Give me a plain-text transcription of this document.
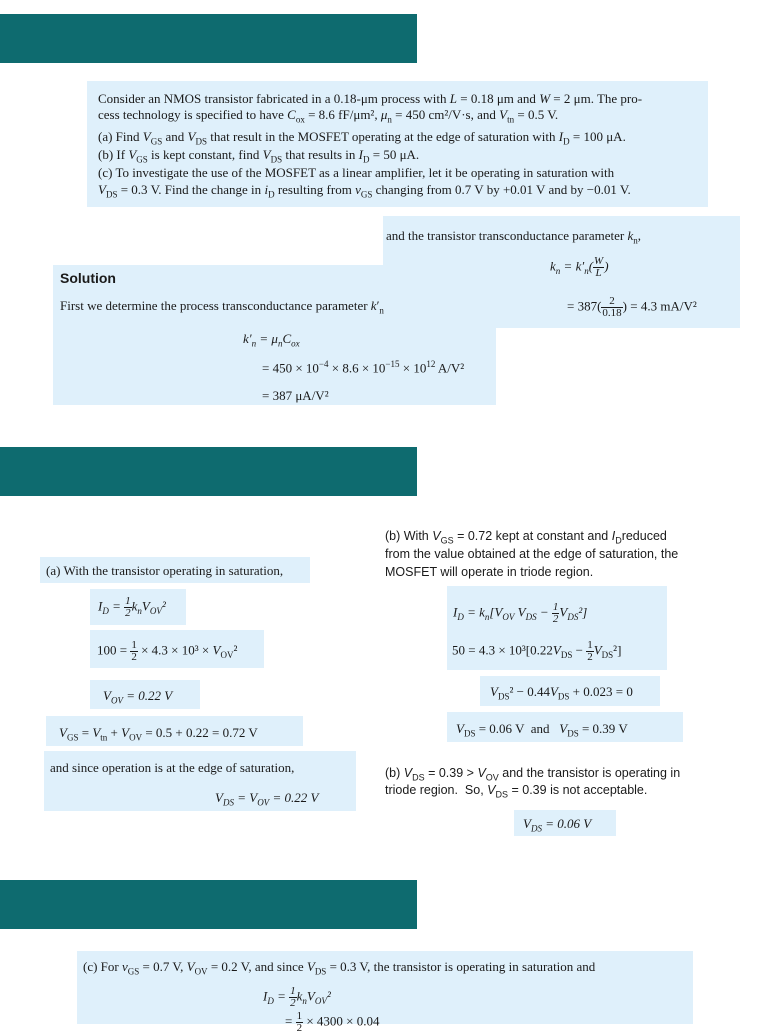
Consider an NMOS transistor fabricated in a 0.18-μm process with L = 0.18 μm and W = 2 μm. The pro-
cess technology is specified to have $C_{ox} = 8.6$ fF/μm², $\mu_n = 450$ cm²/V·s, and $V_{tn} = 0.5$ V.
(a) Find $V_{GS}$ and $V_{DS}$ that result in the MOSFET operating at the edge of saturation with $I_D = 100$ μA.
(b) If $V_{GS}$ is kept constant, find $V_{DS}$ that results in $I_D = 50$ μA.
(c) To investigate the use of the MOSFET as a linear amplifier, let it be operating in saturation with
$V_{DS} = 0.3$ V. Find the change in $i_D$ resulting from $v_{GS}$ changing from 0.7 V by +0.01 V and by −0.01 V.
Solution
First we determine the process transconductance parameter $k'_n$
$k'_n = \mu_nC_{ox}$
= $450 \times 10^{-4} \times 8.6 \times 10^{-15} \times 10^{12}$ A/V²
= 387 μA/V²
and the transistor transconductance parameter $k_n$,
$k_n = k'_n( \frac{W}{L}$ )
= $387( \frac{2}{0.18}$ ) = 4.3 mA/V²
(a) With the transistor operating in saturation,
$I_D = \frac{1}{2} k_nV_{OV}^2$
$100 = \frac{1}{2} \times 4.3 \times 10^3 \times V_{OV}^2$
$V_{OV} = 0.22$ V
$V_{GS} = V_{tn} + V_{OV} = 0.5 + 0.22 = 0.72$ V
and since operation is at the edge of saturation,
$V_{DS} = V_{OV} = 0.22$ V
(b) With $V_{GS} = 0.72$ kept at constant and $I_Dreduced$
from the value obtained at the edge of saturation, the
MOSFET will operate in triode region.
$I_D = k_n[V_{OV}$ $V_{DS} - \frac{1}{2} V_{DS}^2$]
$50 = 4.3 \times 10^3[0.22V_{DS} - \frac{1}{2} V_{DS}^2]$
$V_{DS}^2 - 0.44V_{DS} + 0.023 = 0$
$V_{DS} = 0.06$ V  and   $V_{DS} = 0.39$ V
(b) $V_{DS} = 0.39 > V_{OV}$ and the transistor is operating in
triode region.  So, $V_{DS} = 0.39$ is not acceptable.
$V_{DS} = 0.06$ V
(c) For $v_{GS} = 0.7$ V, $V_{OV} = 0.2$ V, and since $V_{DS} = 0.3$ V, the transistor is operating in saturation and
$I_D = \frac{1}{2} k_nV_{OV}^2$
= $\frac{1}{2} \times 4300 \times 0.04$
